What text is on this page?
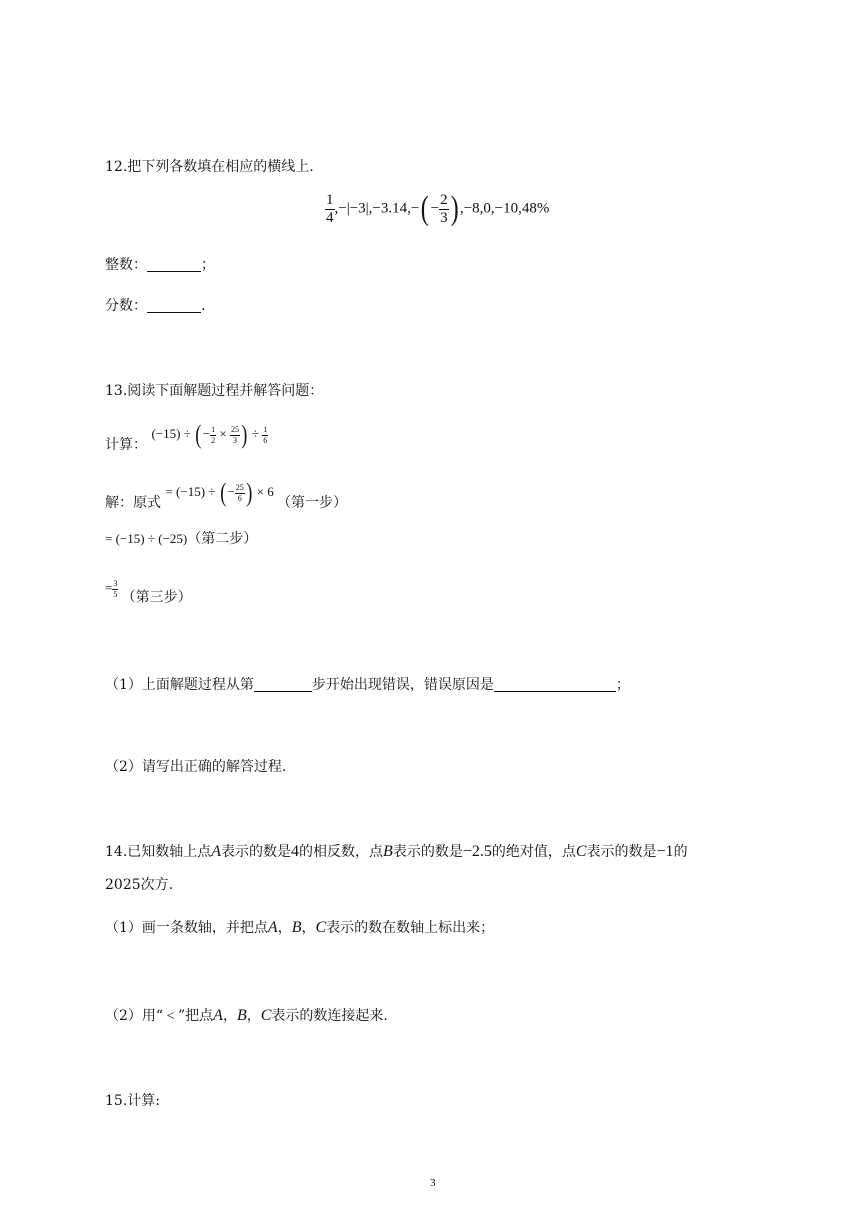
12.把下列各数填在相应的横线上.
$\frac{1}{4} ,-|-3|,-3.14,-( - \frac{2}{3}$ ) ,−8,0,−10,48%
整数：	；
分数：	.
13.阅读下面解题过程并解答问题：
计算： (−15) ÷ (− $\frac{1}{2} \times \frac{25}{3}$ ) ÷ $\frac{1}{6}$
解：原式 = (−15) ÷ (− $\frac{25}{6}$ ) × 6 （第一步）
= (−15) ÷ (−25)（第二步）
= $\frac{3}{5}$ （第三步）
（1）上面解题过程从第	步开始出现错误，错误原因是	；
（2）请写出正确的解答过程.
14.已知数轴上点A表示的数是4的相反数，点B表示的数是−2.5的绝对值，点C表示的数是−1的
2025次方.
（1）画一条数轴，并把点A，B，C表示的数在数轴上标出来；
（2）用“ < ”把点A，B，C表示的数连接起来.
15.计算:
3
